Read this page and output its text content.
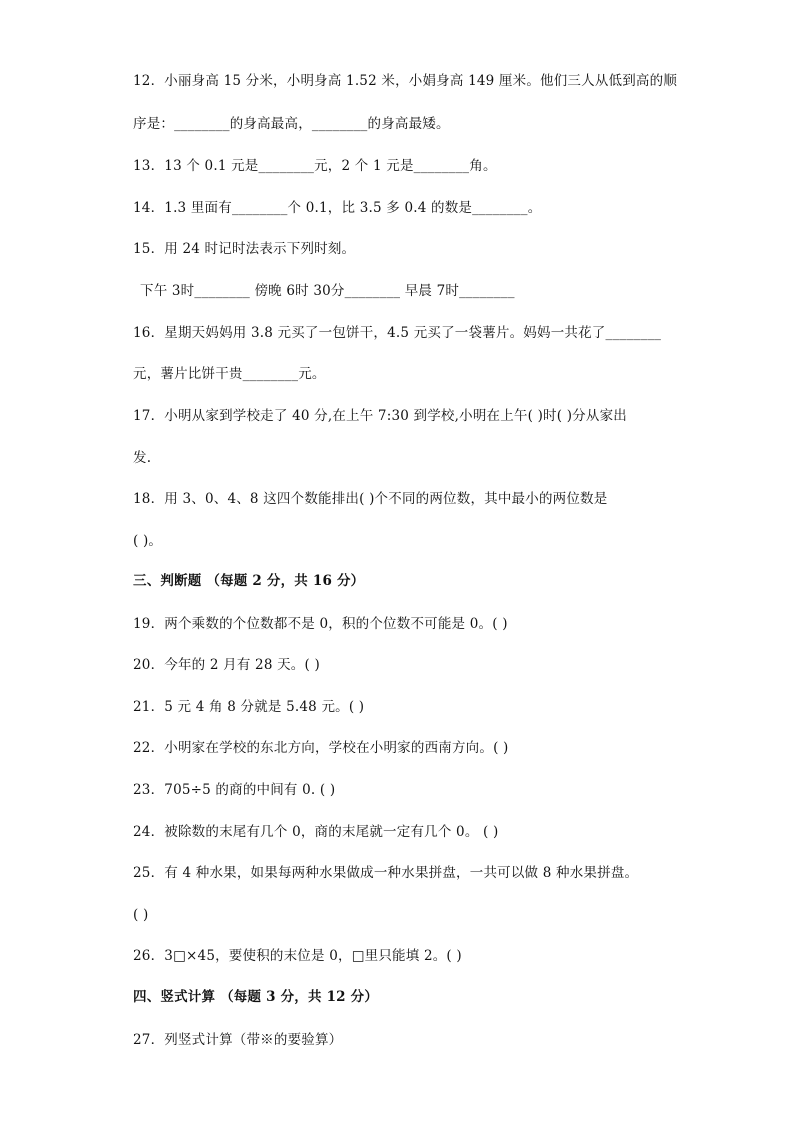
12．小丽身高 15 分米，小明身高 1.52 米，小娟身高 149 厘米。他们三人从低到高的顺
序是：________的身高最高，________的身高最矮。
13．13 个 0.1 元是________元，2 个 1 元是________角。
14．1.3 里面有________个 0.1，比 3.5 多 0.4 的数是________。
15．用 24 时记时法表示下列时刻。
下午 3时________ 傍晚 6时 30分________ 早晨 7时________
16．星期天妈妈用 3.8 元买了一包饼干，4.5 元买了一袋薯片。妈妈一共花了________
元，薯片比饼干贵________元。
17．小明从家到学校走了 40 分,在上午 7:30 到学校,小明在上午( )时( )分从家出
发.
18．用 3、0、4、8 这四个数能排出( )个不同的两位数，其中最小的两位数是
( )。
三、判断题 （每题 2 分，共 16 分）
19．两个乘数的个位数都不是 0，积的个位数不可能是 0。( )
20．今年的 2 月有 28 天。( )
21．5 元 4 角 8 分就是 5.48 元。( )
22．小明家在学校的东北方向，学校在小明家的西南方向。( )
23．705÷5 的商的中间有 0. ( )
24．被除数的末尾有几个 0，商的末尾就一定有几个 0。 ( )
25．有 4 种水果，如果每两种水果做成一种水果拼盘，一共可以做 8 种水果拼盘。
( )
26．3□×45，要使积的末位是 0，□里只能填 2。( )
四、竖式计算 （每题 3 分，共 12 分）
27．列竖式计算（带※的要验算）
